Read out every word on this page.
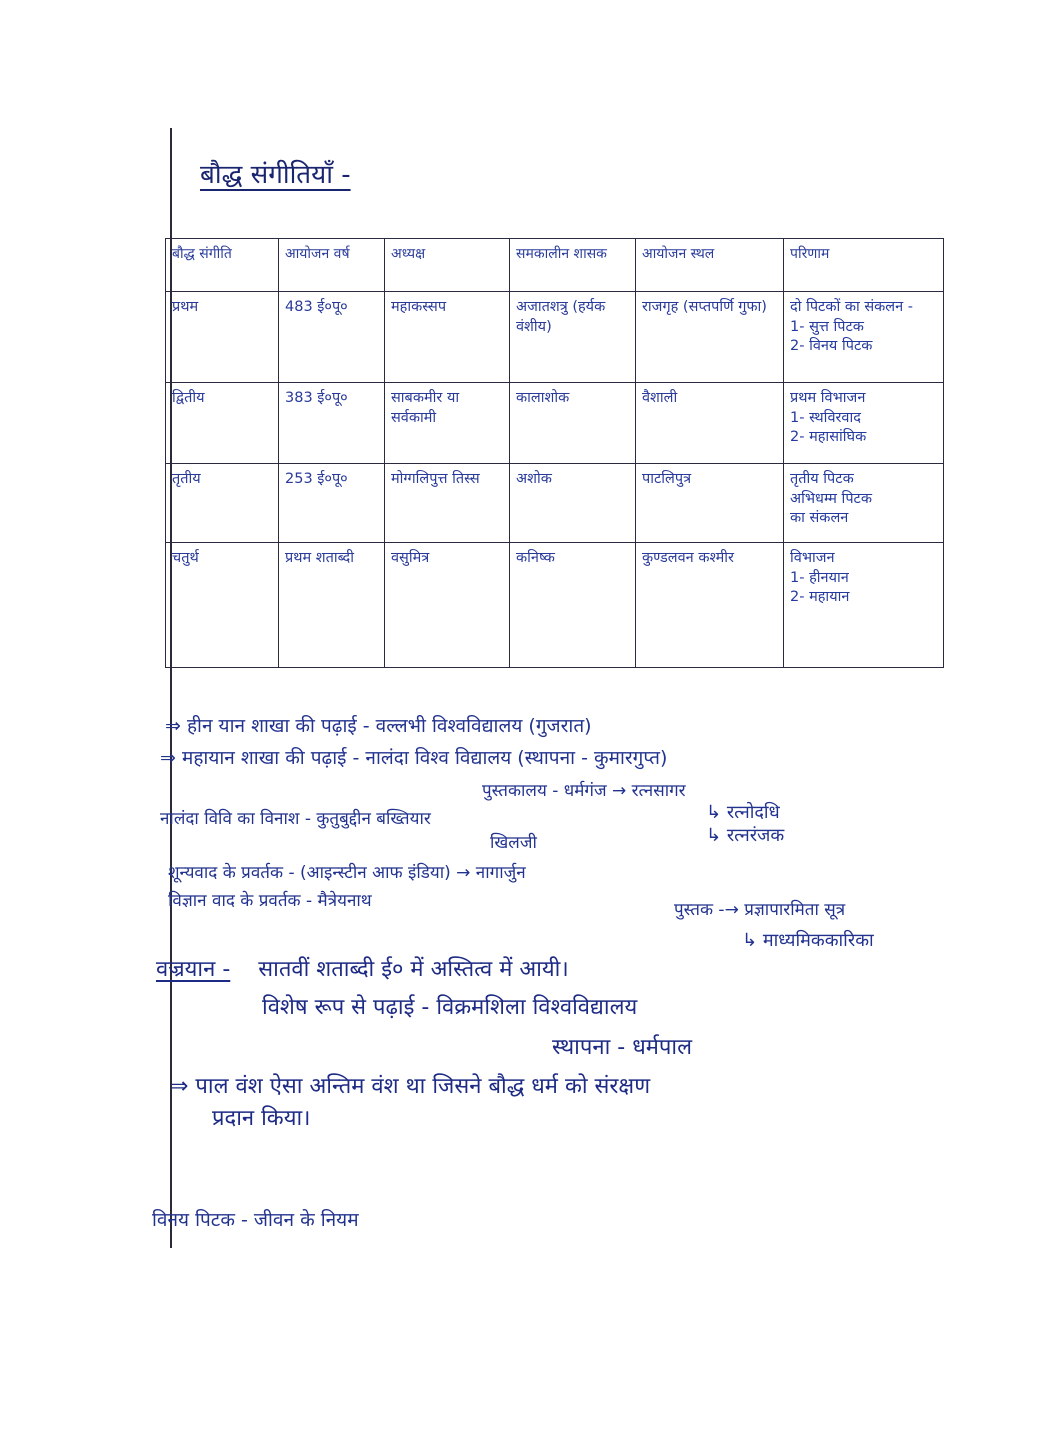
बौद्ध संगीतियाँ -
बौद्ध संगीति	आयोजन वर्ष	अध्यक्ष	समकालीन शासक	आयोजन स्थल	परिणाम
प्रथम	483 ई०पू०	महाकस्सप	अजातशत्रु (हर्यक वंशीय)	राजगृह (सप्तपर्णि गुफा)	दो पिटकों का संकलन -
1- सुत्त पिटक
2- विनय पिटक

द्वितीय	383 ई०पू०	साबकमीर या सर्वकामी	कालाशोक	वैशाली	प्रथम विभाजन
1- स्थविरवाद
2- महासांघिक

तृतीय	253 ई०पू०	मोग्गलिपुत्त तिस्स	अशोक	पाटलिपुत्र	तृतीय पिटक
अभिधम्म पिटक
का संकलन

चतुर्थ	प्रथम शताब्दी	वसुमित्र	कनिष्क	कुण्डलवन कश्मीर	विभाजन
1- हीनयान
2- महायान
⇒ हीन यान शाखा की पढ़ाई - वल्लभी विश्वविद्यालय (गुजरात)
⇒ महायान शाखा की पढ़ाई - नालंदा विश्व विद्यालय (स्थापना - कुमारगुप्त)
पुस्तकालय - धर्मगंज → रत्नसागर
↳ रत्नोदधि
↳ रत्नरंजक
नालंदा विवि का विनाश - कुतुबुद्दीन बख्तियार
खिलजी
शून्यवाद के प्रवर्तक - (आइन्स्टीन आफ इंडिया) → नागार्जुन
विज्ञान वाद के प्रवर्तक - मैत्रेयनाथ	पुस्तक -→ प्रज्ञापारमिता सूत्र
↳ माध्यमिककारिका
वज्रयान - सातवीं शताब्दी ई० में अस्तित्व में आयी।
विशेष रूप से पढ़ाई - विक्रमशिला विश्वविद्यालय
स्थापना - धर्मपाल
⇒ पाल वंश ऐसा अन्तिम वंश था जिसने बौद्ध धर्म को संरक्षण
प्रदान किया।
विनय पिटक - जीवन के नियम
